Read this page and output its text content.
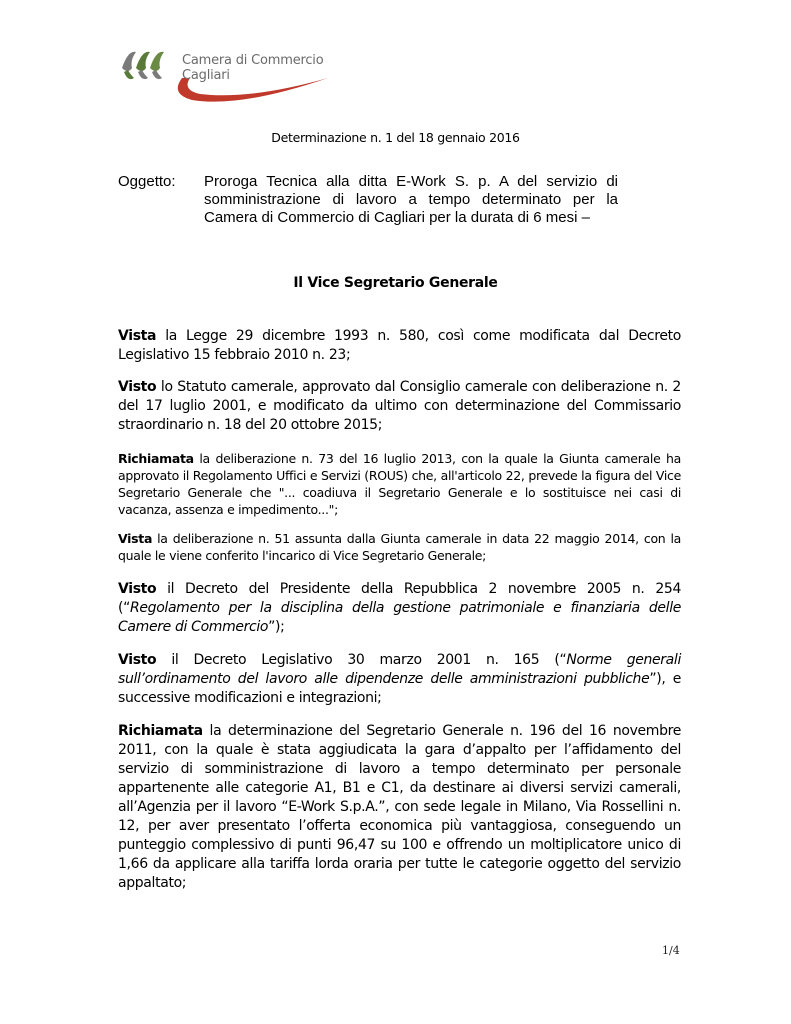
Camera di Commercio
Cagliari
Determinazione n. 1 del 18 gennaio 2016
Oggetto: Proroga Tecnica alla ditta E-Work S. p. A del servizio di somministrazione di lavoro a tempo determinato per la Camera di Commercio di Cagliari per la durata di 6 mesi –
Il Vice Segretario Generale
Vista la Legge 29 dicembre 1993 n. 580, così come modificata dal Decreto Legislativo 15 febbraio 2010 n. 23;
Visto lo Statuto camerale, approvato dal Consiglio camerale con deliberazione n. 2 del 17 luglio 2001, e modificato da ultimo con determinazione del Commissario straordinario n. 18 del 20 ottobre 2015;
Richiamata la deliberazione n. 73 del 16 luglio 2013, con la quale la Giunta camerale ha approvato il Regolamento Uffici e Servizi (ROUS) che, all'articolo 22, prevede la figura del Vice Segretario Generale che "... coadiuva il Segretario Generale e lo sostituisce nei casi di vacanza, assenza e impedimento...";
Vista la deliberazione n. 51 assunta dalla Giunta camerale in data 22 maggio 2014, con la quale le viene conferito l'incarico di Vice Segretario Generale;
Visto il Decreto del Presidente della Repubblica 2 novembre 2005 n. 254 (“Regolamento per la disciplina della gestione patrimoniale e finanziaria delle Camere di Commercio”);
Visto il Decreto Legislativo 30 marzo 2001 n. 165 (“Norme generali sull’ordinamento del lavoro alle dipendenze delle amministrazioni pubbliche”), e successive modificazioni e integrazioni;
Richiamata la determinazione del Segretario Generale n. 196 del 16 novembre 2011, con la quale è stata aggiudicata la gara d’appalto per l’affidamento del servizio di somministrazione di lavoro a tempo determinato per personale appartenente alle categorie A1, B1 e C1, da destinare ai diversi servizi camerali, all’Agenzia per il lavoro “E-Work S.p.A.”, con sede legale in Milano, Via Rossellini n. 12, per aver presentato l’offerta economica più vantaggiosa, conseguendo un punteggio complessivo di punti 96,47 su 100 e offrendo un moltiplicatore unico di 1,66 da applicare alla tariffa lorda oraria per tutte le categorie oggetto del servizio appaltato;
1/4
